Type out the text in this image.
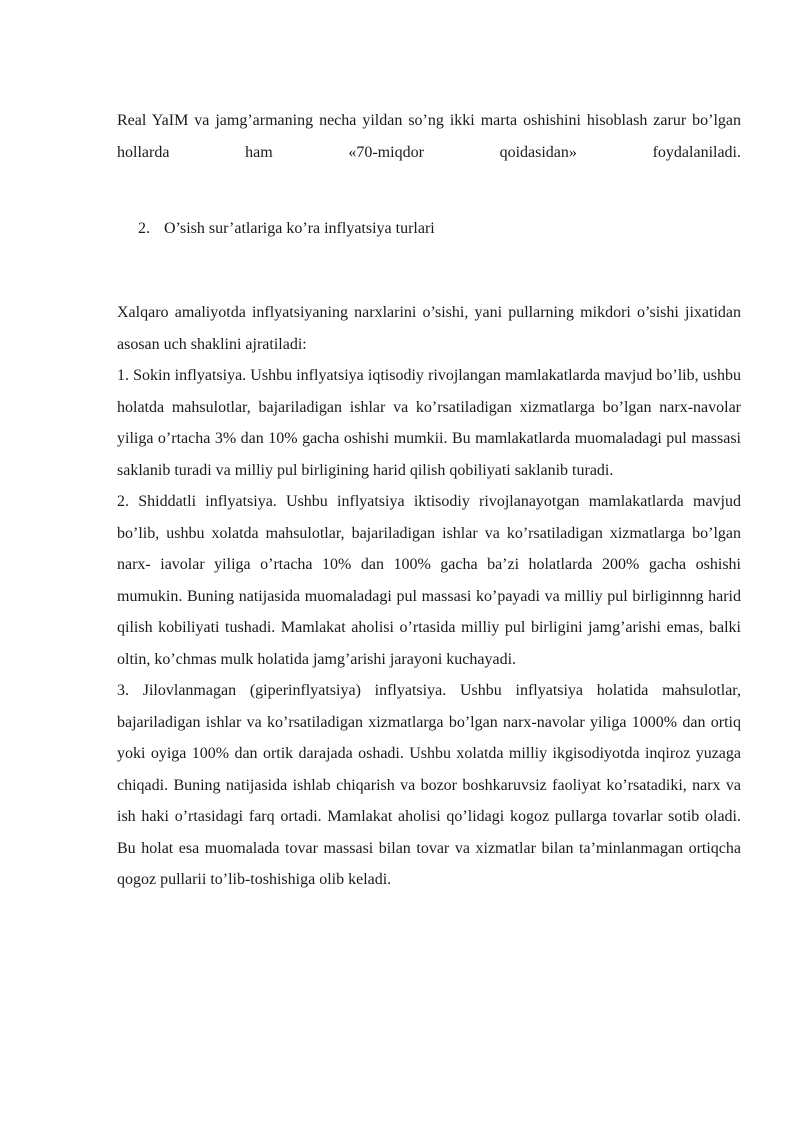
Real YaIM va jamg’armaning necha yildan so’ng ikki marta oshishini hisoblash zarur bo’lgan hollarda ham «70-miqdor qoidasidan» foydalaniladi.

2. O’sish sur’atlariga ko’ra inflyatsiya turlari

Xalqaro amaliyotda inflyatsiyaning narxlarini o’sishi, yani pullarning mikdori o’sishi jixatidan asosan uch shaklini ajratiladi:

1. Sokin inflyatsiya. Ushbu inflyatsiya iqtisodiy rivojlangan mamlakatlarda mavjud bo’lib, ushbu holatda mahsulotlar, bajariladigan ishlar va ko’rsatiladigan xizmatlarga bo’lgan narx-navolar yiliga o’rtacha 3% dan 10% gacha oshishi mumkii. Bu mamlakatlarda muomaladagi pul massasi saklanib turadi va milliy pul birligining harid qilish qobiliyati saklanib turadi.

2. Shiddatli inflyatsiya. Ushbu inflyatsiya iktisodiy rivojlanayotgan mamlakatlarda mavjud bo’lib, ushbu xolatda mahsulotlar, bajariladigan ishlar va ko’rsatiladigan xizmatlarga bo’lgan narx- iavolar yiliga o’rtacha 10% dan 100% gacha ba’zi holatlarda 200% gacha oshishi mumukin. Buning natijasida muomaladagi pul massasi ko’payadi va milliy pul birliginnng harid qilish kobiliyati tushadi. Mamlakat aholisi o’rtasida milliy pul birligini jamg’arishi emas, balki oltin, ko’chmas mulk holatida jamg’arishi jarayoni kuchayadi.

3. Jilovlanmagan (giperinflyatsiya) inflyatsiya. Ushbu inflyatsiya holatida mahsulotlar, bajariladigan ishlar va ko’rsatiladigan xizmatlarga bo’lgan narx-navolar yiliga 1000% dan ortiq yoki oyiga 100% dan ortik darajada oshadi. Ushbu xolatda milliy ikgisodiyotda inqiroz yuzaga chiqadi. Buning natijasida ishlab chiqarish va bozor boshkaruvsiz faoliyat ko’rsatadiki, narx va ish haki o’rtasidagi farq ortadi. Mamlakat aholisi qo’lidagi kogoz pullarga tovarlar sotib oladi. Bu holat esa muomalada tovar massasi bilan tovar va xizmatlar bilan ta’minlanmagan ortiqcha qogoz pullarii to’lib-toshishiga olib keladi.
